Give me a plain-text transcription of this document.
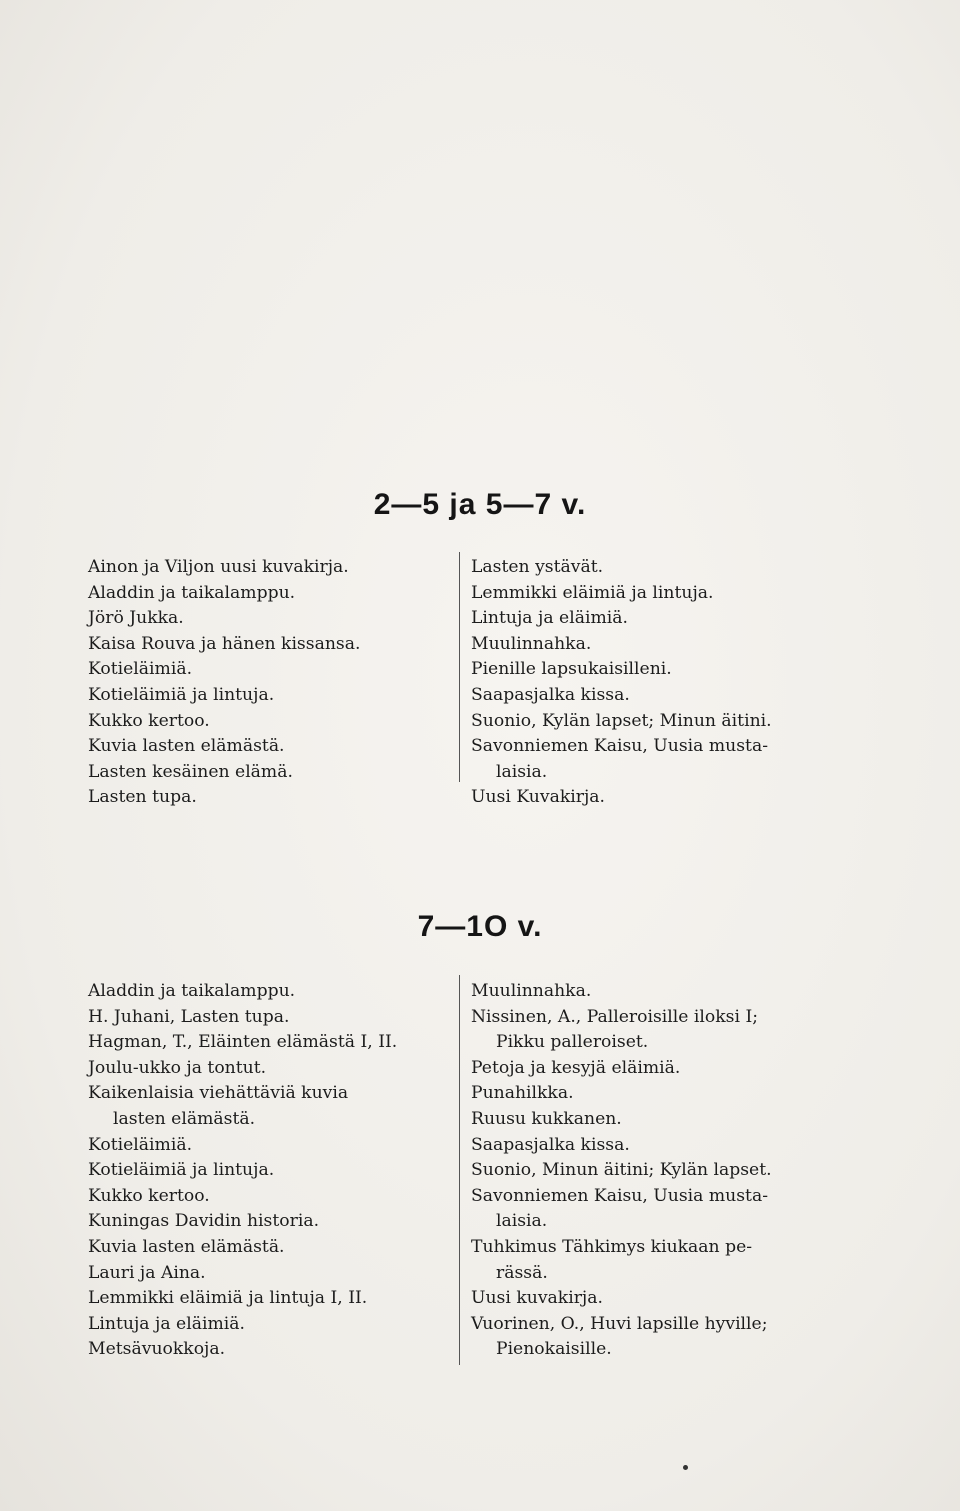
2—5 ja 5—7 v.
Ainon ja Viljon uusi kuvakirja.
Aladdin ja taikalamppu.
Jörö Jukka.
Kaisa Rouva ja hänen kissansa.
Kotieläimiä.
Kotieläimiä ja lintuja.
Kukko kertoo.
Kuvia lasten elämästä.
Lasten kesäinen elämä.
Lasten tupa.
Lasten ystävät.
Lemmikki eläimiä ja lintuja.
Lintuja ja eläimiä.
Muulinnahka.
Pienille lapsukaisilleni.
Saapasjalka kissa.
Suonio, Kylän lapset; Minun äitini.
Savonniemen Kaisu, Uusia musta-
laisia.
Uusi Kuvakirja.
7—1O v.
Aladdin ja taikalamppu.
H. Juhani, Lasten tupa.
Hagman, T., Eläinten elämästä I, II.
Joulu-ukko ja tontut.
Kaikenlaisia viehättäviä kuvia
lasten elämästä.
Kotieläimiä.
Kotieläimiä ja lintuja.
Kukko kertoo.
Kuningas Davidin historia.
Kuvia lasten elämästä.
Lauri ja Aina.
Lemmikki eläimiä ja lintuja I, II.
Lintuja ja eläimiä.
Metsävuokkoja.
Muulinnahka.
Nissinen, A., Palleroisille iloksi I;
Pikku palleroiset.
Petoja ja kesyjä eläimiä.
Punahilkka.
Ruusu kukkanen.
Saapasjalka kissa.
Suonio, Minun äitini; Kylän lapset.
Savonniemen Kaisu, Uusia musta-
laisia.
Tuhkimus Tähkimys kiukaan pe-
rässä.
Uusi kuvakirja.
Vuorinen, O., Huvi lapsille hyville;
Pienokaisille.
